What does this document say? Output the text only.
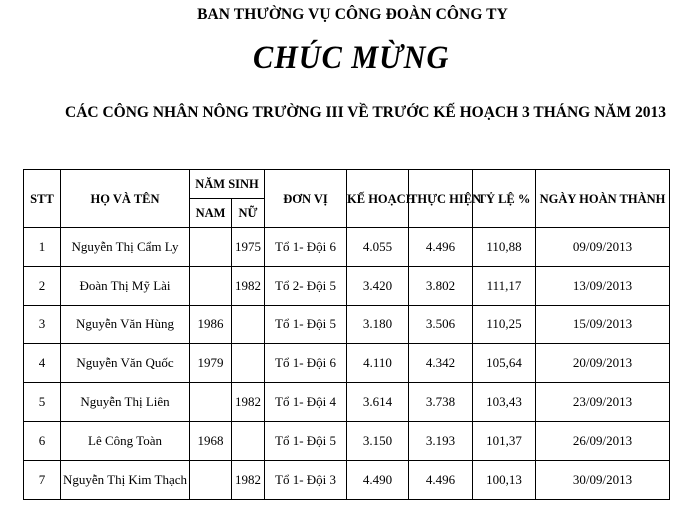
BAN THƯỜNG VỤ CÔNG ĐOÀN CÔNG TY
CHÚC MỪNG
CÁC CÔNG NHÂN NÔNG TRƯỜNG III VỀ TRƯỚC KẾ HOẠCH 3 THÁNG NĂM 2013
STT	HỌ VÀ TÊN	NĂM SINH		ĐƠN VỊ	KẾ HOẠCH	THỰC HIỆN	TỶ LỆ %	NGÀY HOÀN THÀNH
		NAM	NỮ					
1	Nguyễn Thị Cẩm Ly		1975	Tổ 1- Đội 6	4.055	4.496	110,88	09/09/2013
2	Đoàn Thị Mỹ Lài		1982	Tổ 2- Đội 5	3.420	3.802	111,17	13/09/2013
3	Nguyễn Văn Hùng	1986		Tổ 1- Đội 5	3.180	3.506	110,25	15/09/2013
4	Nguyễn Văn Quốc	1979		Tổ 1- Đội 6	4.110	4.342	105,64	20/09/2013
5	Nguyễn Thị Liên		1982	Tổ 1- Đội 4	3.614	3.738	103,43	23/09/2013
6	Lê Công Toàn	1968		Tổ 1- Đội 5	3.150	3.193	101,37	26/09/2013
7	Nguyễn Thị Kim Thạch		1982	Tổ 1- Đội 3	4.490	4.496	100,13	30/09/2013
